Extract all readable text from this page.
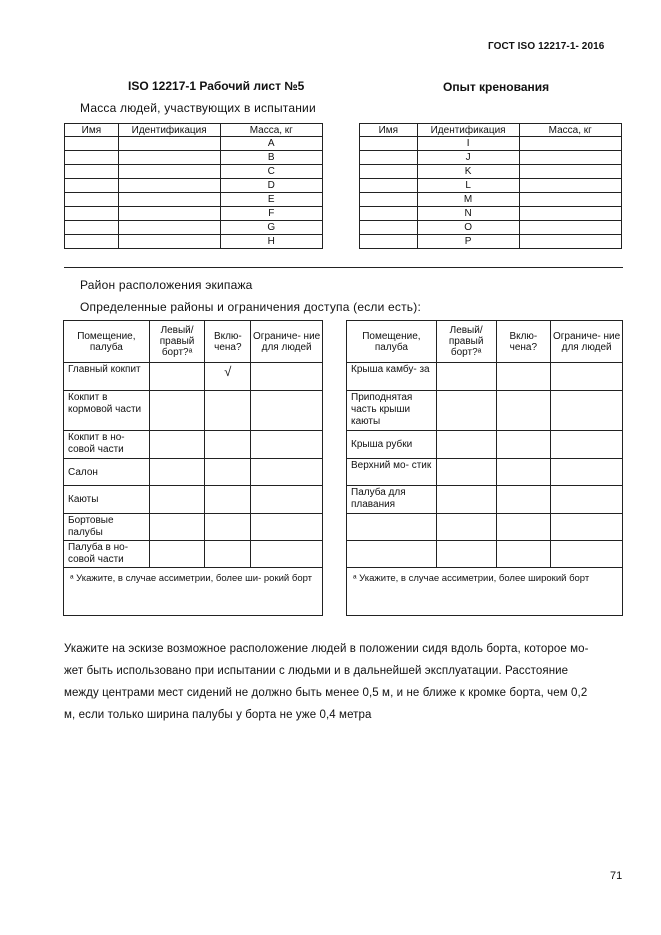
ГОСТ ISO 12217-1- 2016
ISO 12217-1 Рабочий лист №5	Опыт кренования
Масса людей, участвующих в испытании
Имя	Идентификация	Масса, кг
		A
		B
		C
		D
		E
		F
		G
		H
Имя	Идентификация	Масса, кг
	I	
	J	
	K	
	L	
	M	
	N	
	O	
	P	
Район расположения экипажа
Определенные районы и ограничения доступа (если есть):
Помещение, палуба	Левый/ правый борт?ᵃ	Вклю- чена?	Ограниче- ние для людей
Главный кокпит		√	
Кокпит в кормовой части			
Кокпит в но- совой части			
Салон			
Каюты			
Бортовые палубы			
Палуба в но- совой части			
ᵃ Укажите, в случае ассиметрии, более ши- рокий борт			
Помещение, палуба	Левый/ правый борт?ᵃ	Вклю- чена?	Ограниче- ние для людей
Крыша камбу- за			
Приподнятая часть крыши каюты			
Крыша рубки			
Верхний мо- стик			
Палуба для плавания			

ᵃ Укажите, в случае ассиметрии, более широкий борт			

Укажите на эскизе возможное расположение людей в положении сидя вдоль борта, которое мо-

жет быть использовано при испытании с людьми и в дальнейшей эксплуатации. Расстояние

между центрами мест сидений не должно быть менее 0,5 м, и не ближе к кромке борта, чем 0,2

м, если только ширина палубы у борта не уже 0,4 метра

71
